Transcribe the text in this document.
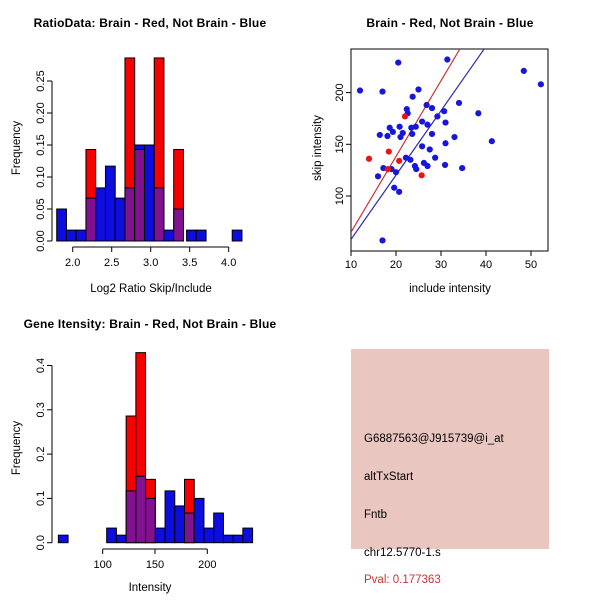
2.0 2.5 3.0 3.5 4.0
0.00
0.05
0.10
0.15
0.20
0.25
RatioData: Brain - Red, Not Brain - Blue
Log2 Ratio Skip/Include
Frequency
10	20	30	40	50
100
150
200
Brain - Red, Not Brain - Blue
include intensity
skip intensity
100	150	200
0.0
0.1
0.2
0.3
0.4
Gene Itensity: Brain - Red, Not Brain - Blue
Intensity
Frequency	G6887563@J915739@i_at
altTxStart
Fntb
chr12.5770-1.s
Pval: 0.177363
